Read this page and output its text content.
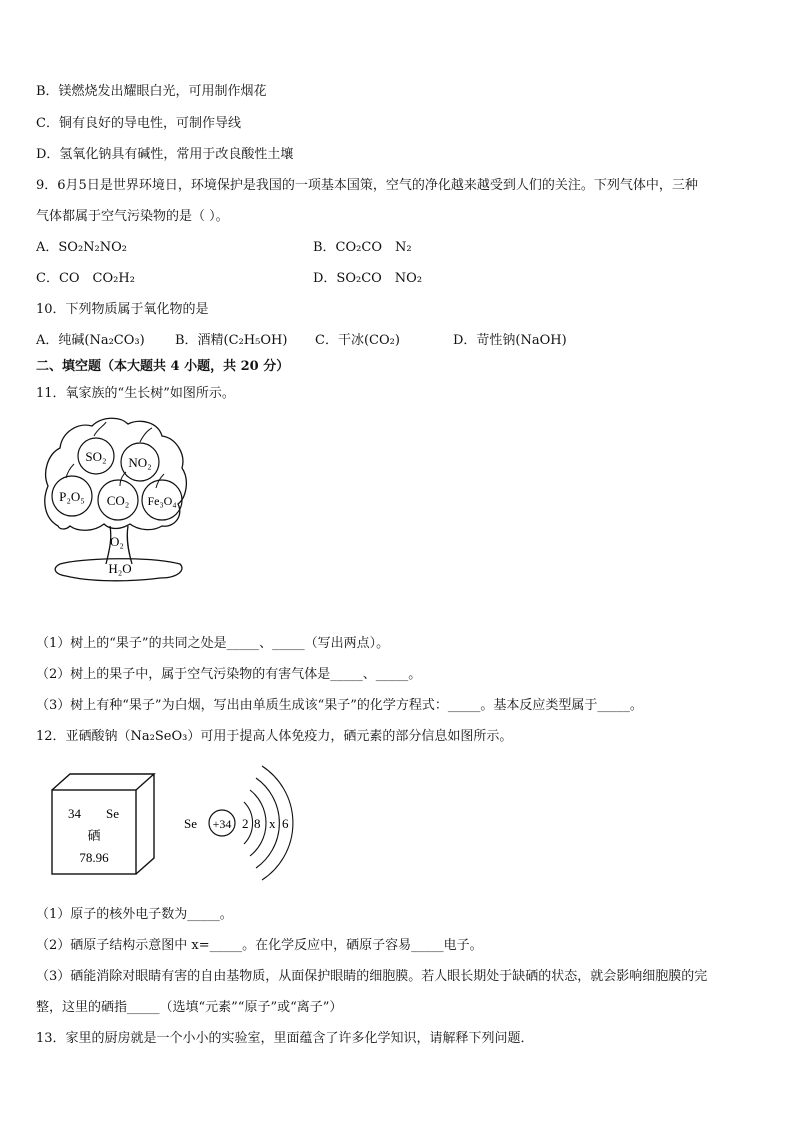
B．镁燃烧发出耀眼白光，可用制作烟花
C．铜有良好的导电性，可制作导线
D．氢氧化钠具有碱性，常用于改良酸性土壤
9．6月5日是世界环境日，环境保护是我国的一项基本国策，空气的净化越来越受到人们的关注。下列气体中，三种
气体都属于空气污染物的是（ ）。
A．SO₂N₂NO₂	B．CO₂CO　N₂
C．CO　CO₂H₂	D．SO₂CO　NO₂
10．下列物质属于氧化物的是
A．纯碱(Na₂CO₃) B．酒精(C₂H₅OH) C．干冰(CO₂)	D．苛性钠(NaOH)
二、填空题（本大题共 4 小题，共 20 分）
11．氧家族的“生长树”如图所示。
SO₂ NO₂
P₂O₅ CO₂ Fe₃O₄
O₂
H₂O
（1）树上的“果子”的共同之处是_____、_____（写出两点）。
（2）树上的果子中，属于空气污染物的有害气体是_____、_____。
（3）树上有种“果子”为白烟，写出由单质生成该“果子”的化学方程式：_____。基本反应类型属于_____。
12．亚硒酸钠（Na₂SeO₃）可用于提高人体免疫力，硒元素的部分信息如图所示。
34 Se
硒
78.96
Se +34 2 8 x 6
（1）原子的核外电子数为_____。
（2）硒原子结构示意图中 x=_____。在化学反应中，硒原子容易_____电子。
（3）硒能消除对眼睛有害的自由基物质，从面保护眼睛的细胞膜。若人眼长期处于缺硒的状态，就会影响细胞膜的完
整，这里的硒指_____（选填“元素”“原子”或“离子”）
13．家里的厨房就是一个小小的实验室，里面蕴含了许多化学知识，请解释下列问题．
